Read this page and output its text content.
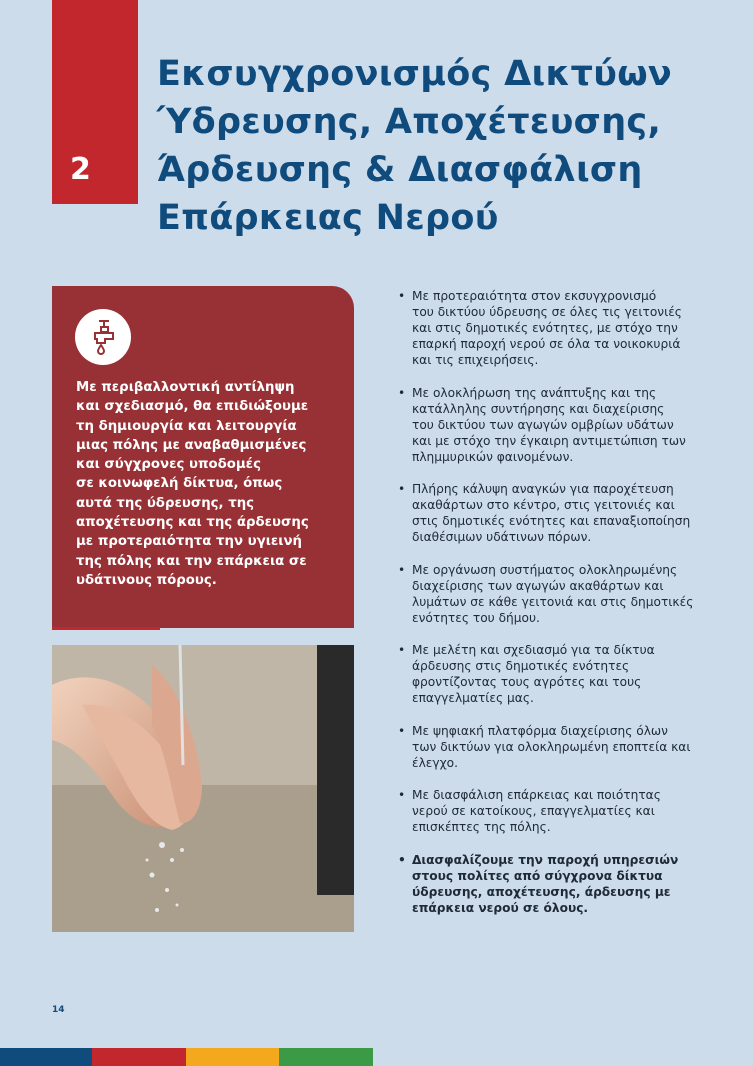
2
Εκσυγχρονισμός Δικτύων
Ύδρευσης, Αποχέτευσης,
Άρδευσης & Διασφάλιση
Επάρκειας Νερού
Με περιβαλλοντική αντίληψη
και σχεδιασμό, θα επιδιώξουμε
τη δημιουργία και λειτουργία
μιας πόλης με αναβαθμισμένες
και σύγχρονες υποδομές
σε κοινωφελή δίκτυα, όπως
αυτά της ύδρευσης, της
αποχέτευσης και της άρδευσης
με προτεραιότητα την υγιεινή
της πόλης και την επάρκεια σε
υδάτινους πόρους.
• Με προτεραιότητα στον εκσυγχρονισμό
του δικτύου ύδρευσης σε όλες τις γειτονιές
και στις δημοτικές ενότητες, με στόχο την
επαρκή παροχή νερού σε όλα τα νοικοκυριά
και τις επιχειρήσεις.
• Με ολοκλήρωση της ανάπτυξης και της
κατάλληλης συντήρησης και διαχείρισης
του δικτύου των αγωγών ομβρίων υδάτων
και με στόχο την έγκαιρη αντιμετώπιση των
πλημμυρικών φαινομένων.
• Πλήρης κάλυψη αναγκών για παροχέτευση
ακαθάρτων στο κέντρο, στις γειτονιές και
στις δημοτικές ενότητες και επαναξιοποίηση
διαθέσιμων υδάτινων πόρων.
• Με οργάνωση συστήματος ολοκληρωμένης
διαχείρισης των αγωγών ακαθάρτων και
λυμάτων σε κάθε γειτονιά και στις δημοτικές
ενότητες του δήμου.
• Με μελέτη και σχεδιασμό για τα δίκτυα
άρδευσης στις δημοτικές ενότητες
φροντίζοντας τους αγρότες και τους
επαγγελματίες μας.
• Με ψηφιακή πλατφόρμα διαχείρισης όλων
των δικτύων για ολοκληρωμένη εποπτεία και
έλεγχο.
• Με διασφάλιση επάρκειας και ποιότητας
νερού σε κατοίκους, επαγγελματίες και
επισκέπτες της πόλης.
• Διασφαλίζουμε την παροχή υπηρεσιών
στους πολίτες από σύγχρονα δίκτυα
ύδρευσης, αποχέτευσης, άρδευσης με
επάρκεια νερού σε όλους.
14
